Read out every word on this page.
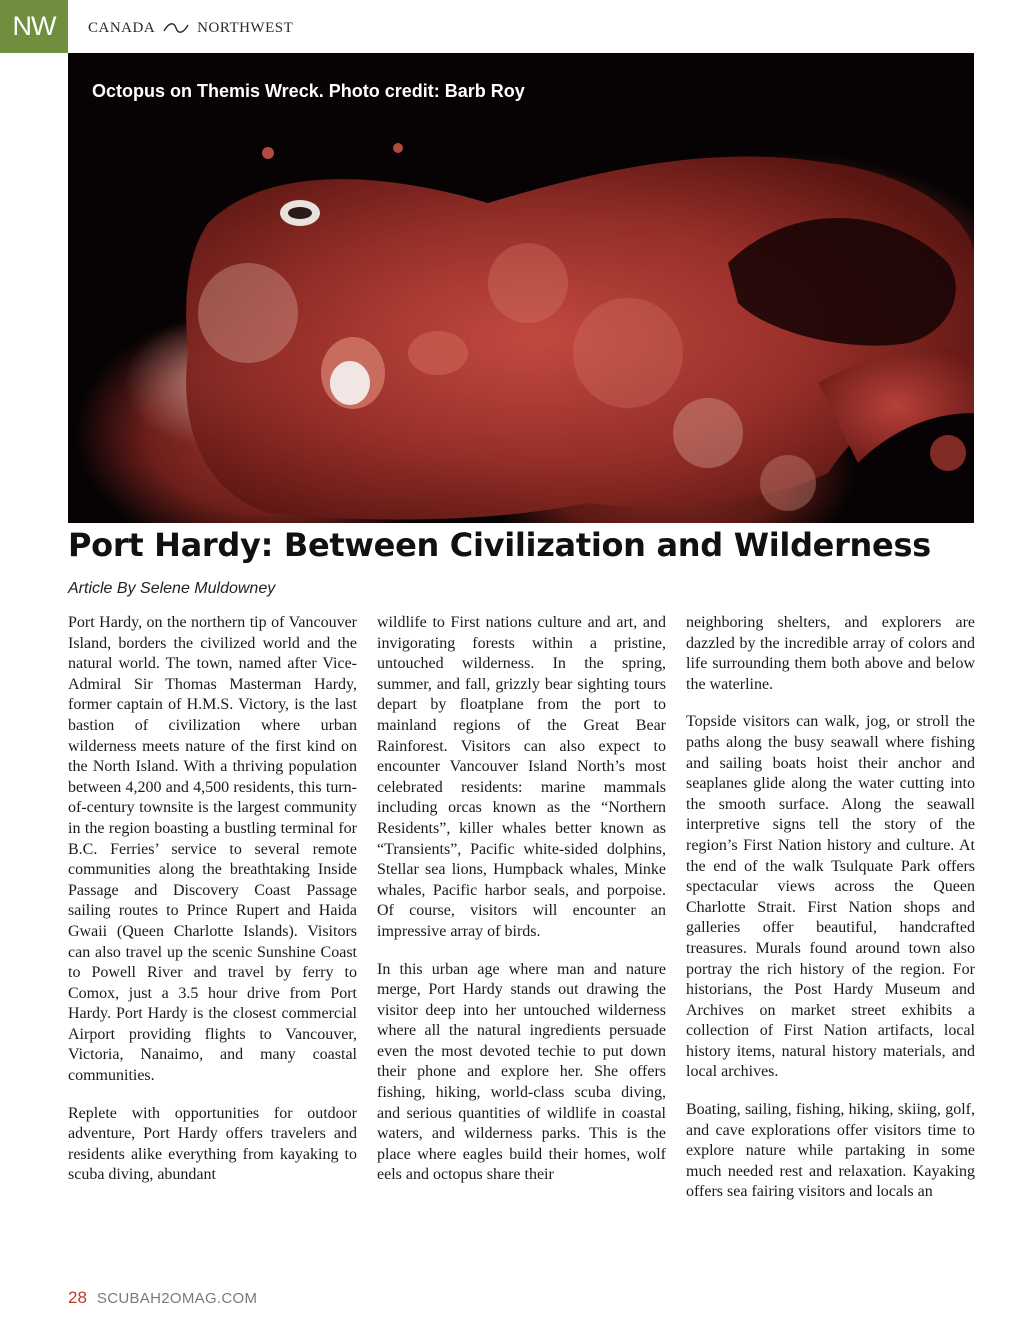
NW	CANADA	NORTHWEST
Octopus on Themis Wreck. Photo credit: Barb Roy
Port Hardy: Between Civilization and Wilderness
Article By Selene Muldowney

Port Hardy, on the northern tip of Vancouver Island, borders the civilized world and the natural world. The town, named after Vice-Admiral Sir Thomas Masterman Hardy, former captain of H.M.S. Victory, is the last bastion of civilization where urban wilderness meets nature of the first kind on the North Island. With a thriving population between 4,200 and 4,500 residents, this turn-of-century townsite is the largest community in the region boasting a bustling terminal for B.C. Ferries’ service to several remote communities along the breathtaking Inside Passage and Discovery Coast Passage sailing routes to Prince Rupert and Haida Gwaii (Queen Charlotte Islands). Visitors can also travel up the scenic Sunshine Coast to Powell River and travel by ferry to Comox, just a 3.5 hour drive from Port Hardy. Port Hardy is the closest commercial Airport providing flights to Vancouver, Victoria, Nanaimo, and many coastal communities.

Replete with opportunities for outdoor adventure, Port Hardy offers travelers and residents alike everything from kayaking to scuba diving, abundant

wildlife to First nations culture and art, and invigorating forests within a pristine, untouched wilderness. In the spring, summer, and fall, grizzly bear sighting tours depart by floatplane from the port to mainland regions of the Great Bear Rainforest. Visitors can also expect to encounter Vancouver Island North’s most celebrated residents: marine mammals including orcas known as the “Northern Residents”, killer whales better known as “Transients”, Pacific white-sided dolphins, Stellar sea lions, Humpback whales, Minke whales, Pacific harbor seals, and porpoise. Of course, visitors will encounter an impressive array of birds.

In this urban age where man and nature merge, Port Hardy stands out drawing the visitor deep into her untouched wilderness where all the natural ingredients persuade even the most devoted techie to put down their phone and explore her. She offers fishing, hiking, world-class scuba diving, and serious quantities of wildlife in coastal waters, and wilderness parks. This is the place where eagles build their homes, wolf eels and octopus share their

neighboring shelters, and explorers are dazzled by the incredible array of colors and life surrounding them both above and below the waterline.

Topside visitors can walk, jog, or stroll the paths along the busy seawall where fishing and sailing boats hoist their anchor and seaplanes glide along the water cutting into the smooth surface. Along the seawall interpretive signs tell the story of the region’s First Nation history and culture. At the end of the walk Tsulquate Park offers spectacular views across the Queen Charlotte Strait. First Nation shops and galleries offer beautiful, handcrafted treasures. Murals found around town also portray the rich history of the region. For historians, the Post Hardy Museum and Archives on market street exhibits a collection of First Nation artifacts, local history items, natural history materials, and local archives.

Boating, sailing, fishing, hiking, skiing, golf, and cave explorations offer visitors time to explore nature while partaking in some much needed rest and relaxation. Kayaking offers sea fairing visitors and locals an

28 SCUBAH2OMAG.COM
